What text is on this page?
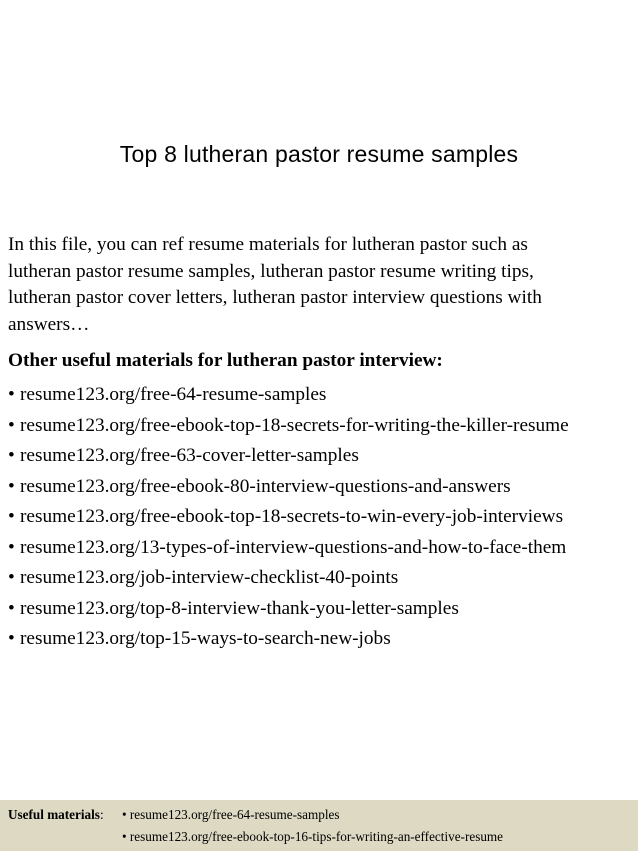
Top 8 lutheran pastor resume samples
In this file, you can ref resume materials for lutheran pastor such as
lutheran pastor resume samples, lutheran pastor resume writing tips,
lutheran pastor cover letters, lutheran pastor interview questions with
answers…
Other useful materials for lutheran pastor interview:
• resume123.org/free-64-resume-samples
• resume123.org/free-ebook-top-18-secrets-for-writing-the-killer-resume
• resume123.org/free-63-cover-letter-samples
• resume123.org/free-ebook-80-interview-questions-and-answers
• resume123.org/free-ebook-top-18-secrets-to-win-every-job-interviews
• resume123.org/13-types-of-interview-questions-and-how-to-face-them
• resume123.org/job-interview-checklist-40-points
• resume123.org/top-8-interview-thank-you-letter-samples
• resume123.org/top-15-ways-to-search-new-jobs
Useful materials: • resume123.org/free-64-resume-samples
• resume123.org/free-ebook-top-16-tips-for-writing-an-effective-resume
